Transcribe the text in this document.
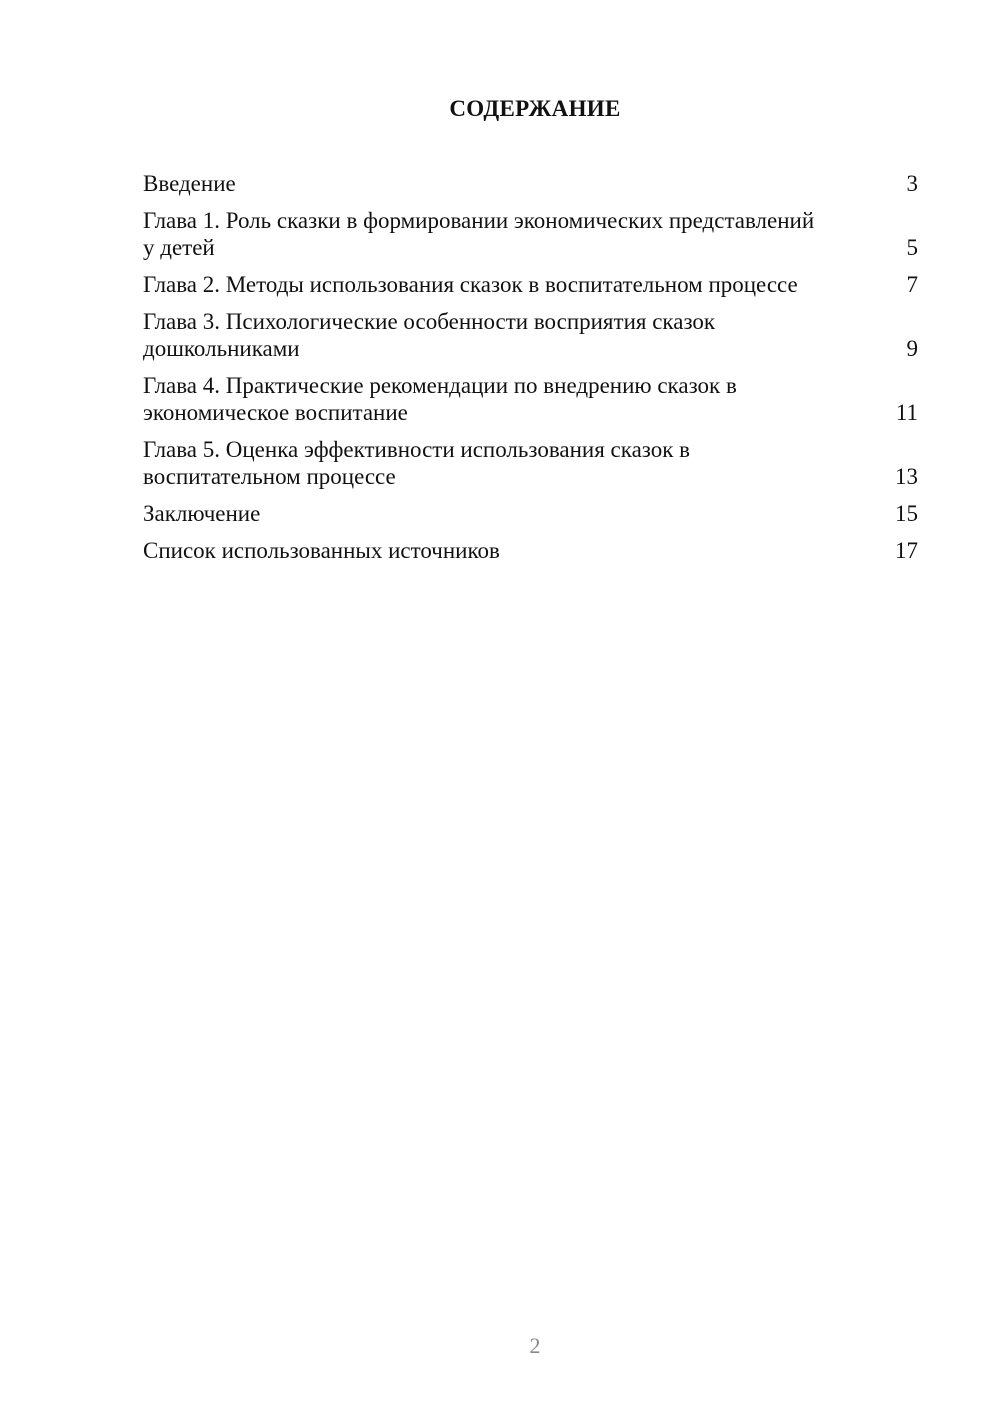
СОДЕРЖАНИЕ
Введение	3
Глава 1. Роль сказки в формировании экономических представлений у детей	5
Глава 2. Методы использования сказок в воспитательном процессе	7
Глава 3. Психологические особенности восприятия сказок дошкольниками	9
Глава 4. Практические рекомендации по внедрению сказок в экономическое воспитание	11
Глава 5. Оценка эффективности использования сказок в воспитательном процессе	13
Заключение	15
Список использованных источников	17
2
